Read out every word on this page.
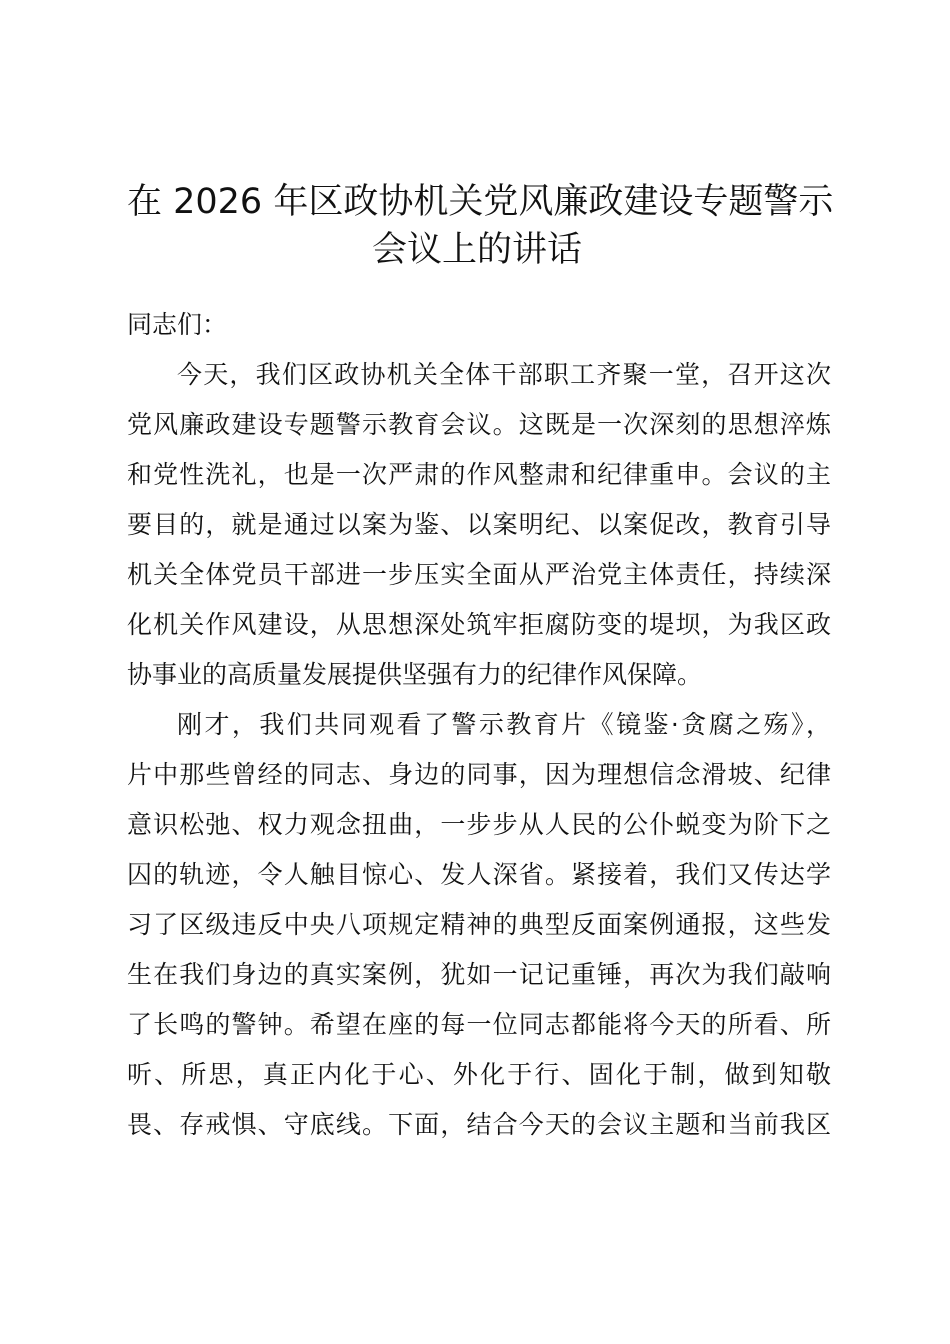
在 2026 年区政协机关党风廉政建设专题警示
会议上的讲话

同志们：

今天，我们区政协机关全体干部职工齐聚一堂，召开这次
党风廉政建设专题警示教育会议。这既是一次深刻的思想淬炼
和党性洗礼，也是一次严肃的作风整肃和纪律重申。会议的主
要目的，就是通过以案为鉴、以案明纪、以案促改，教育引导
机关全体党员干部进一步压实全面从严治党主体责任，持续深
化机关作风建设，从思想深处筑牢拒腐防变的堤坝，为我区政
协事业的高质量发展提供坚强有力的纪律作风保障。
刚才，我们共同观看了警示教育片《镜鉴·贪腐之殇》，
片中那些曾经的同志、身边的同事，因为理想信念滑坡、纪律
意识松弛、权力观念扭曲，一步步从人民的公仆蜕变为阶下之
囚的轨迹，令人触目惊心、发人深省。紧接着，我们又传达学
习了区级违反中央八项规定精神的典型反面案例通报，这些发
生在我们身边的真实案例，犹如一记记重锤，再次为我们敲响
了长鸣的警钟。希望在座的每一位同志都能将今天的所看、所
听、所思，真正内化于心、外化于行、固化于制，做到知敬
畏、存戒惧、守底线。下面，结合今天的会议主题和当前我区
